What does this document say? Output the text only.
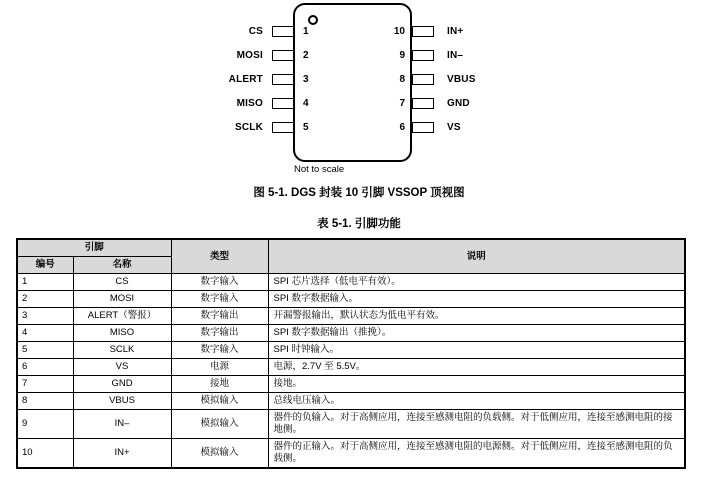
CS	1
MOSI	2
ALERT	3
MISO	4
SCLK	5
10	IN+
9	IN–
8	VBUS
7	GND
6	VS
Not to scale
图 5-1. DGS 封装 10 引脚 VSSOP 顶视图
表 5-1. 引脚功能
引脚		类型	说明
编号	名称		
1	CS	数字输入	SPI 芯片选择（低电平有效）。
2	MOSI	数字输入	SPI 数字数据输入。
3	ALERT（警报）	数字输出	开漏警报输出，默认状态为低电平有效。
4	MISO	数字输出	SPI 数字数据输出（推挽）。
5	SCLK	数字输入	SPI 时钟输入。
6	VS	电源	电源，2.7V 至 5.5V。
7	GND	接地	接地。
8	VBUS	模拟输入	总线电压输入。
9	IN–	模拟输入	器件的负输入。对于高侧应用，连接至感测电阻的负载侧。对于低侧应用，连接至感测电阻的接地侧。
10	IN+	模拟输入	器件的正输入。对于高侧应用，连接至感测电阻的电源侧。对于低侧应用，连接至感测电阻的负载侧。
